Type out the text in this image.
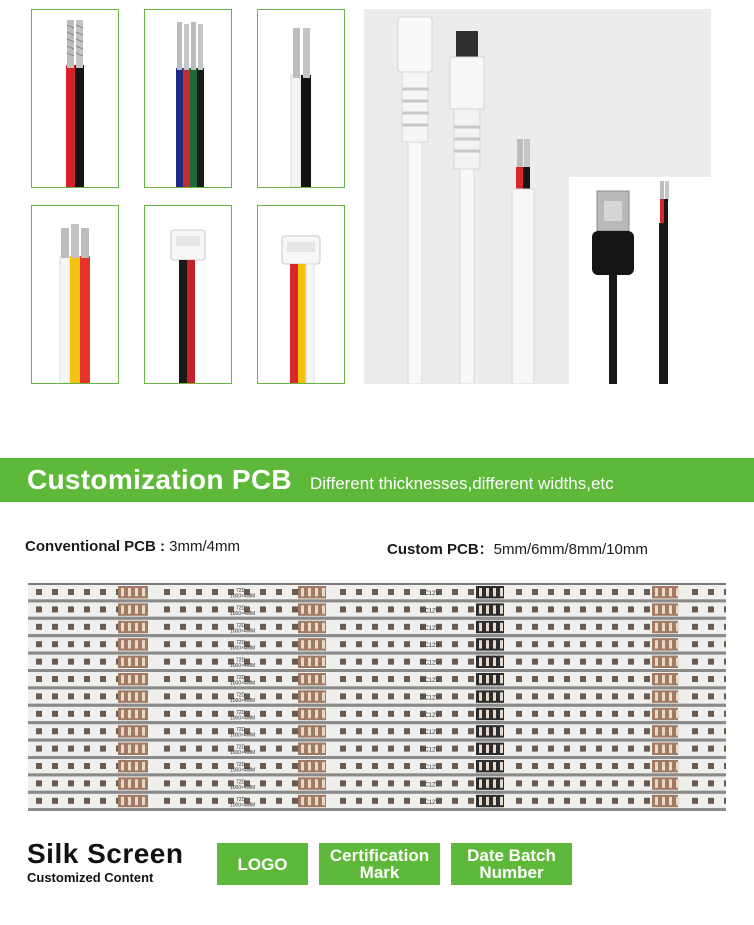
Customization PCB Different thicknesses,different widths,etc
Conventional PCB : 3mm/4mm	Custom PCB：5mm/6mm/8mm/10mm
72D
1000×4MM	DC12V
72D
1000×4MM	DC12V
72D
1000×4MM	DC12V
72D
1000×4MM	DC12V
72D
1000×4MM	DC12V
72D
1000×4MM	DC12V
72D
1000×4MM	DC12V
72D
1000×4MM	DC12V
72D
1000×4MM	DC12V
72D
1000×4MM	DC12V
72D
1000×4MM	DC12V
72D
1000×4MM	DC12V
72D
1000×4MM	DC12V
Silk Screen
Customized Content
LOGO Certification
Mark
Date Batch
Number
